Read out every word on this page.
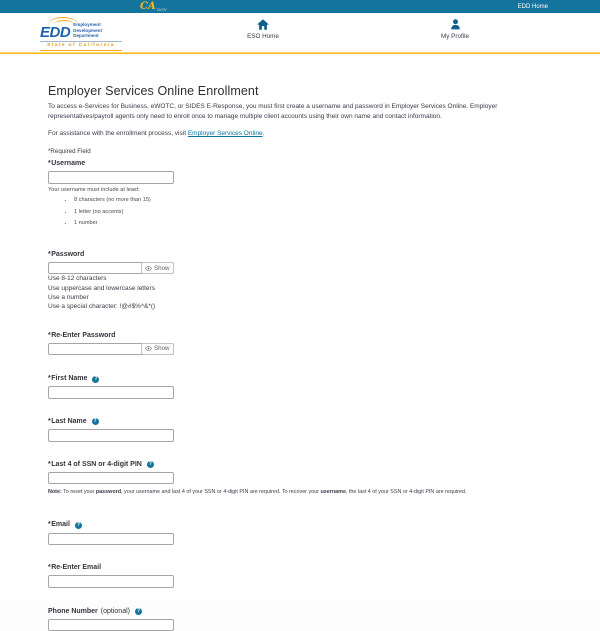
CA GOV	EDD Home
EDD Employment
Development
Department
State of California
ESO Home	My Profile
Employer Services Online Enrollment

To access e-Services for Business, eWOTC, or SIDES E-Response, you must first create a username and password in Employer Services Online. Employer representatives/payroll agents only need to enroll once to manage multiple client accounts using their own name and contact information.

For assistance with the enrollment process, visit Employer Services Online.

*Required Field
* Username
Your username must include at least:
• 8 characters (no more than 15)
• 1 letter (no accents)
• 1 number
* Password
Show
Use 8-12 characters
Use uppercase and lowercase letters
Use a number
Use a special character: !@#$%^&*()
* Re-Enter Password
Show
* First Name	?
* Last Name	?
* Last 4 of SSN or 4-digit PIN	?
Note: To reset your password, your username and last 4 of your SSN or 4-digit PIN are required. To recover your username, the last 4 of your SSN or 4-digit PIN are required.
* Email	?
* Re-Enter Email
Phone Number (optional)	?
